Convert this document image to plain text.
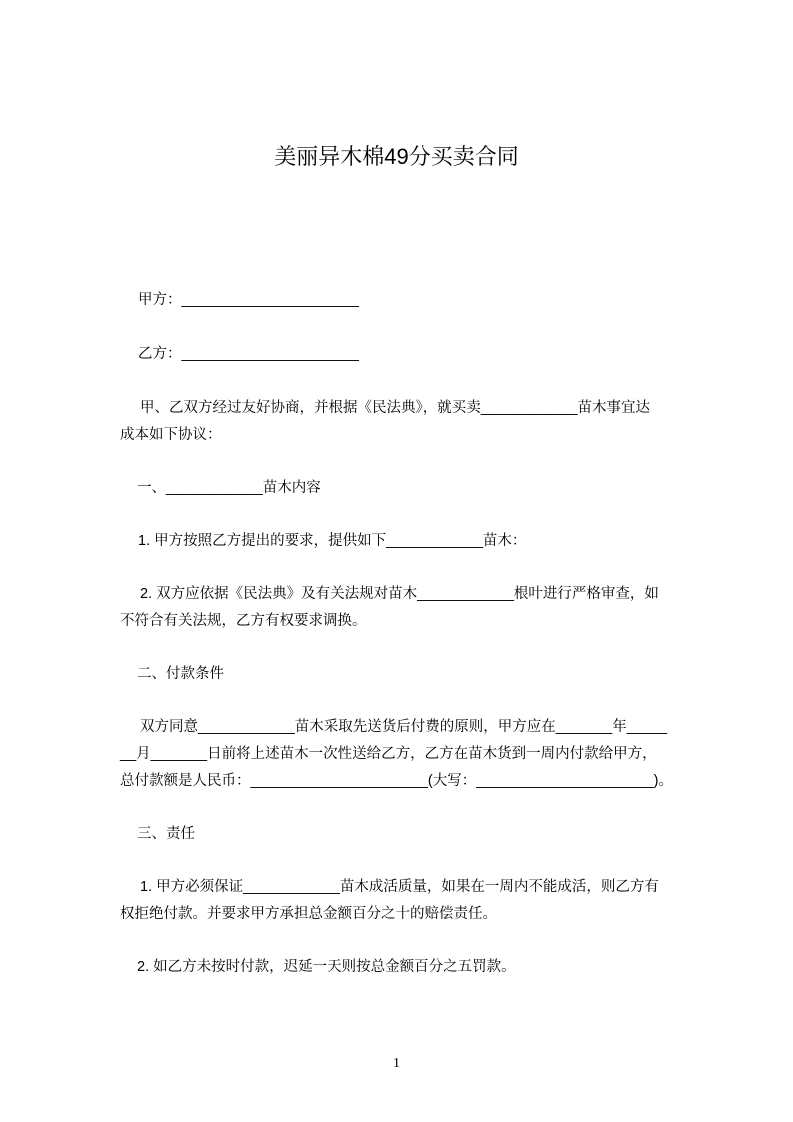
美丽异木棉49分买卖合同
甲方：______________________
乙方：______________________
甲、乙双方经过友好协商，并根据《民法典》，就买卖____________苗木事宜达
成本如下协议：
一、____________苗木内容
1. 甲方按照乙方提出的要求，提供如下____________苗木：
2. 双方应依据《民法典》及有关法规对苗木____________根叶进行严格审查，如
不符合有关法规，乙方有权要求调换。
二、付款条件
双方同意____________苗木采取先送货后付费的原则，甲方应在_______年_____
__月_______日前将上述苗木一次性送给乙方，乙方在苗木货到一周内付款给甲方，
总付款额是人民币：______________________(大写：______________________)。
三、责任
1. 甲方必须保证____________苗木成活质量，如果在一周内不能成活，则乙方有
权拒绝付款。并要求甲方承担总金额百分之十的赔偿责任。
2. 如乙方未按时付款，迟延一天则按总金额百分之五罚款。
1
